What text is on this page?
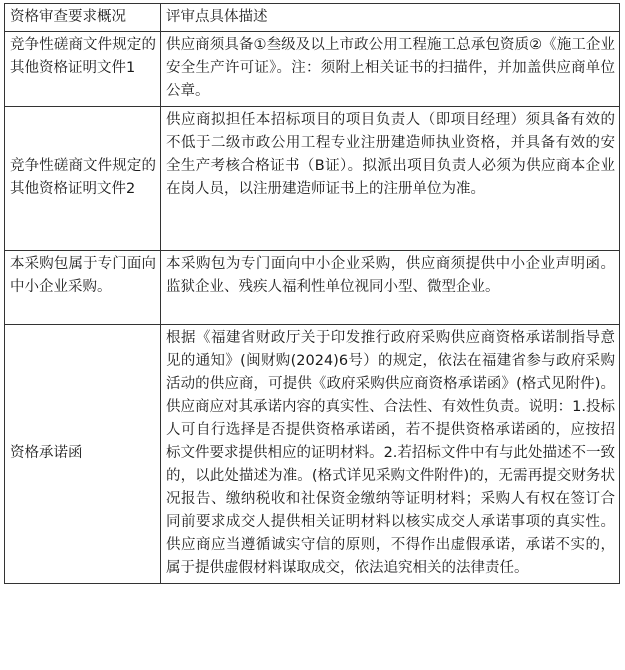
资格审查要求概况	评审点具体描述
竞争性磋商文件规定的其他资格证明文件1	供应商须具备①叁级及以上市政公用工程施工总承包资质②《施工企业安全生产许可证》。注：须附上相关证书的扫描件，并加盖供应商单位公章。
竞争性磋商文件规定的其他资格证明文件2	供应商拟担任本招标项目的项目负责人（即项目经理）须具备有效的不低于二级市政公用工程专业注册建造师执业资格，并具备有效的安全生产考核合格证书（B证）。拟派出项目负责人必须为供应商本企业在岗人员，以注册建造师证书上的注册单位为准。
本采购包属于专门面向中小企业采购。	本采购包为专门面向中小企业采购，供应商须提供中小企业声明函。监狱企业、残疾人福利性单位视同小型、微型企业。
资格承诺函	根据《福建省财政厅关于印发推行政府采购供应商资格承诺制指导意见的通知》(闽财购(2024)6号）的规定，依法在福建省参与政府采购活动的供应商，可提供《政府采购供应商资格承诺函》(格式见附件)。供应商应对其承诺内容的真实性、合法性、有效性负责。说明：1.投标人可自行选择是否提供资格承诺函，若不提供资格承诺函的，应按招标文件要求提供相应的证明材料。2.若招标文件中有与此处描述不一致的，以此处描述为准。(格式详见采购文件附件)的，无需再提交财务状况报告、缴纳税收和社保资金缴纳等证明材料；采购人有权在签订合同前要求成交人提供相关证明材料以核实成交人承诺事项的真实性。供应商应当遵循诚实守信的原则，不得作出虚假承诺，承诺不实的，属于提供虚假材料谋取成交，依法追究相关的法律责任。
